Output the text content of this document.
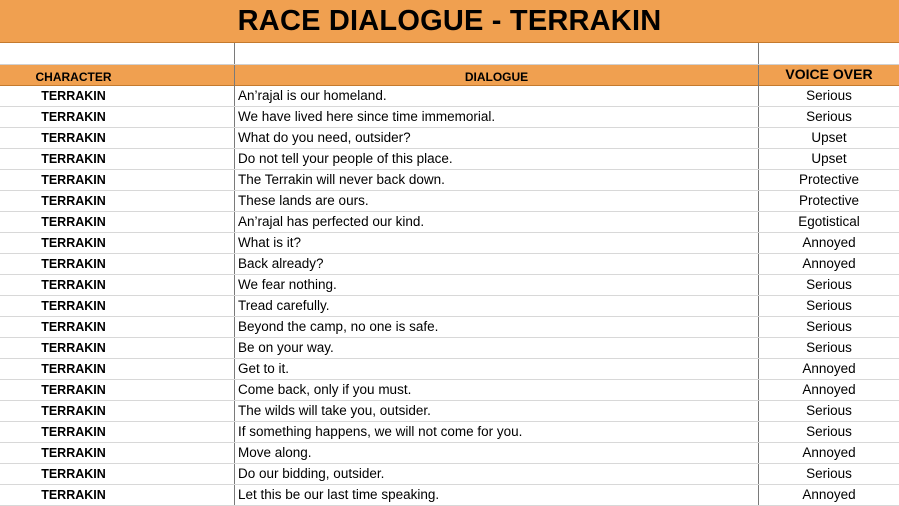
RACE DIALOGUE - TERRAKIN
CHARACTER	DIALOGUE	VOICE OVER
TERRAKIN	An’rajal is our homeland.	Serious
TERRAKIN	We have lived here since time immemorial.	Serious
TERRAKIN	What do you need, outsider?	Upset
TERRAKIN	Do not tell your people of this place.	Upset
TERRAKIN	The Terrakin will never back down.	Protective
TERRAKIN	These lands are ours.	Protective
TERRAKIN	An’rajal has perfected our kind.	Egotistical
TERRAKIN	What is it?	Annoyed
TERRAKIN	Back already?	Annoyed
TERRAKIN	We fear nothing.	Serious
TERRAKIN	Tread carefully.	Serious
TERRAKIN	Beyond the camp, no one is safe.	Serious
TERRAKIN	Be on your way.	Serious
TERRAKIN	Get to it.	Annoyed
TERRAKIN	Come back, only if you must.	Annoyed
TERRAKIN	The wilds will take you, outsider.	Serious
TERRAKIN	If something happens, we will not come for you.	Serious
TERRAKIN	Move along.	Annoyed
TERRAKIN	Do our bidding, outsider.	Serious
TERRAKIN	Let this be our last time speaking.	Annoyed
